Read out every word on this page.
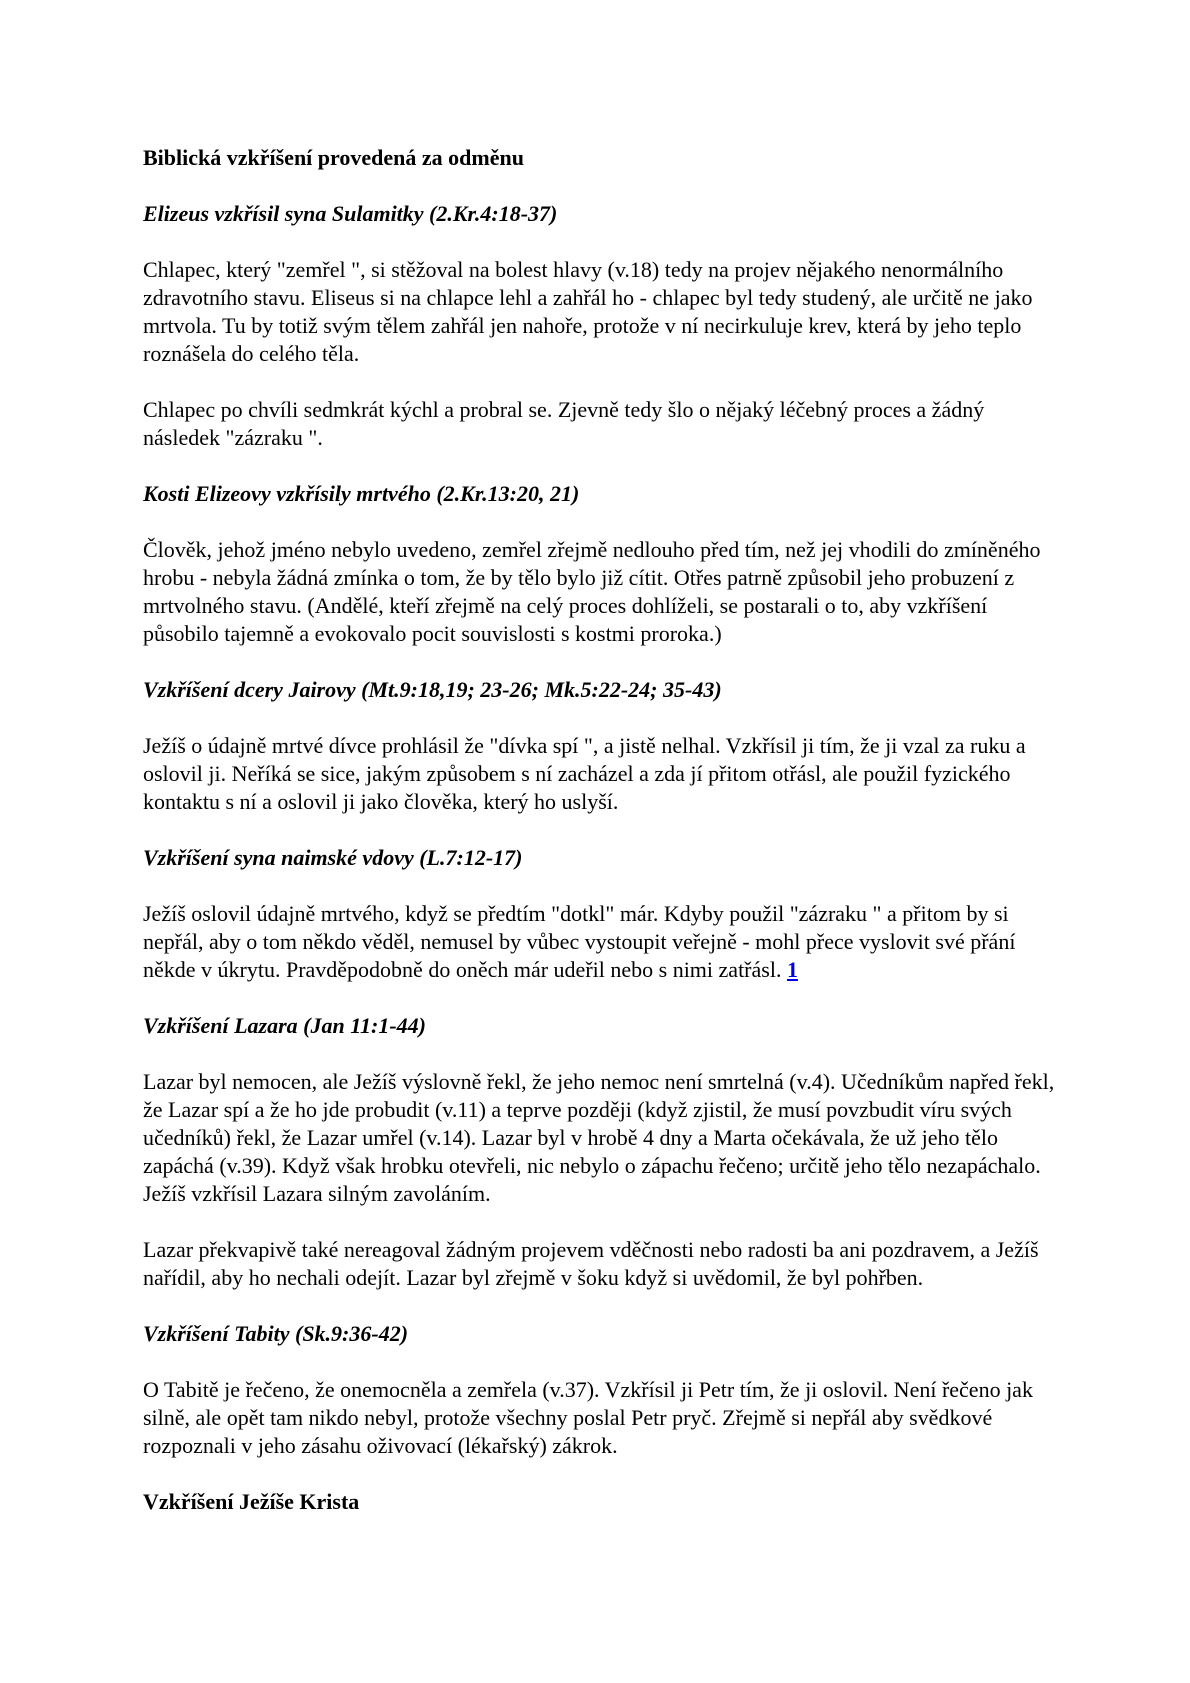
Biblická vzkříšení provedená za odměnu
Elizeus vzkřísil syna Sulamitky (2.Kr.4:18-37)

Chlapec, který "zemřel ", si stěžoval na bolest hlavy (v.18) tedy na projev nějakého nenormálního zdravotního stavu. Eliseus si na chlapce lehl a zahřál ho - chlapec byl tedy studený, ale určitě ne jako mrtvola. Tu by totiž svým tělem zahřál jen nahoře, protože v ní necirkuluje krev, která by jeho teplo roznášela do celého těla.

Chlapec po chvíli sedmkrát kýchl a probral se. Zjevně tedy šlo o nějaký léčebný proces a žádný následek "zázraku ".

Kosti Elizeovy vzkřísily mrtvého (2.Kr.13:20, 21)

Člověk, jehož jméno nebylo uvedeno, zemřel zřejmě nedlouho před tím, než jej vhodili do zmíněného hrobu - nebyla žádná zmínka o tom, že by tělo bylo již cítit. Otřes patrně způsobil jeho probuzení z mrtvolného stavu. (Andělé, kteří zřejmě na celý proces dohlíželi, se postarali o to, aby vzkříšení působilo tajemně a evokovalo pocit souvislosti s kostmi proroka.)

Vzkříšení dcery Jairovy (Mt.9:18,19; 23-26; Mk.5:22-24; 35-43)

Ježíš o údajně mrtvé dívce prohlásil že "dívka spí ", a jistě nelhal. Vzkřísil ji tím, že ji vzal za ruku a oslovil ji. Neříká se sice, jakým způsobem s ní zacházel a zda jí přitom otřásl, ale použil fyzického kontaktu s ní a oslovil ji jako člověka, který ho uslyší.

Vzkříšení syna naimské vdovy (L.7:12-17)

Ježíš oslovil údajně mrtvého, když se předtím "dotkl" már. Kdyby použil "zázraku " a přitom by si nepřál, aby o tom někdo věděl, nemusel by vůbec vystoupit veřejně - mohl přece vyslovit své přání někde v úkrytu. Pravděpodobně do oněch már udeřil nebo s nimi zatřásl. 1

Vzkříšení Lazara (Jan 11:1-44)

Lazar byl nemocen, ale Ježíš výslovně řekl, že jeho nemoc není smrtelná (v.4). Učedníkům napřed řekl, že Lazar spí a že ho jde probudit (v.11) a teprve později (když zjistil, že musí povzbudit víru svých učedníků) řekl, že Lazar umřel (v.14). Lazar byl v hrobě 4 dny a Marta očekávala, že už jeho tělo zapáchá (v.39). Když však hrobku otevřeli, nic nebylo o zápachu řečeno; určitě jeho tělo nezapáchalo. Ježíš vzkřísil Lazara silným zavoláním.

Lazar překvapivě také nereagoval žádným projevem vděčnosti nebo radosti ba ani pozdravem, a Ježíš nařídil, aby ho nechali odejít. Lazar byl zřejmě v šoku když si uvědomil, že byl pohřben.

Vzkříšení Tabity (Sk.9:36-42)

O Tabitě je řečeno, že onemocněla a zemřela (v.37). Vzkřísil ji Petr tím, že ji oslovil. Není řečeno jak silně, ale opět tam nikdo nebyl, protože všechny poslal Petr pryč. Zřejmě si nepřál aby svědkové rozpoznali v jeho zásahu oživovací (lékařský) zákrok.

Vzkříšení Ježíše Krista
